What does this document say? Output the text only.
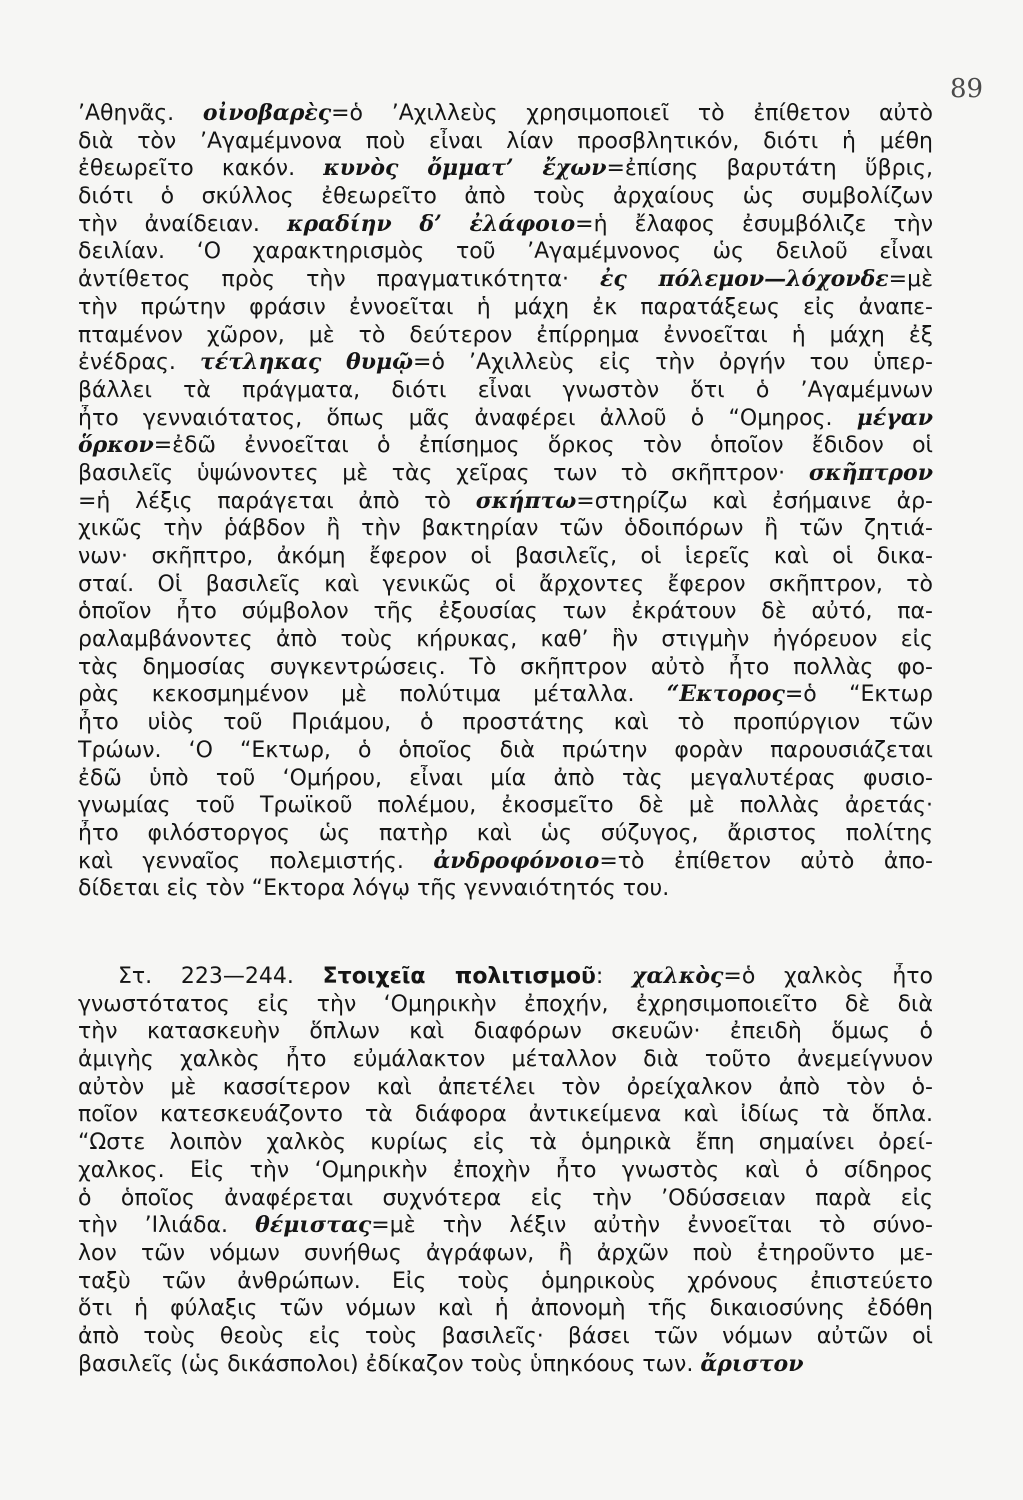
89
’Αθηνᾶς. οἰνοβαρὲς=ὁ ’Αχιλλεὺς χρησιμοποιεῖ τὸ ἐπίθετον αὐτὸ
διὰ τὸν ’Αγαμέμνονα ποὺ εἶναι λίαν προσβλητικόν, διότι ἡ μέθη
ἐθεωρεῖτο κακόν. κυνὸς ὄμματ’ ἔχων=ἐπίσης βαρυτάτη ὕβρις,
διότι ὁ σκύλλος ἐθεωρεῖτο ἀπὸ τοὺς ἀρχαίους ὡς συμβολίζων
τὴν ἀναίδειαν. κραδίην δ’ ἐλάφοιο=ἡ ἔλαφος ἐσυμβόλιζε τὴν
δειλίαν. ‘Ο χαρακτηρισμὸς τοῦ ’Αγαμέμνονος ὡς δειλοῦ εἶναι
ἀντίθετος πρὸς τὴν πραγματικότητα· ἐς πόλεμον—λόχονδε=μὲ
τὴν πρώτην φράσιν ἐννοεῖται ἡ μάχη ἐκ παρατάξεως εἰς ἀναπε-
πταμένον χῶρον, μὲ τὸ δεύτερον ἐπίρρημα ἐννοεῖται ἡ μάχη ἐξ
ἐνέδρας. τέτληκας θυμῷ=ὁ ’Αχιλλεὺς εἰς τὴν ὀργήν του ὑπερ-
βάλλει τὰ πράγματα, διότι εἶναι γνωστὸν ὅτι ὁ ’Αγαμέμνων
ἦτο γενναιότατος, ὅπως μᾶς ἀναφέρει ἀλλοῦ ὁ “Ομηρος. μέγαν
ὅρκον=ἐδῶ ἐννοεῖται ὁ ἐπίσημος ὅρκος τὸν ὁποῖον ἔδιδον οἱ
βασιλεῖς ὑψώνοντες μὲ τὰς χεῖρας των τὸ σκῆπτρον· σκῆπτρον
=ἡ λέξις παράγεται ἀπὸ τὸ σκήπτω=στηρίζω καὶ ἐσήμαινε ἀρ-
χικῶς τὴν ῥάβδον ἢ τὴν βακτηρίαν τῶν ὁδοιπόρων ἢ τῶν ζητιά-
νων· σκῆπτρο, ἀκόμη ἔφερον οἱ βασιλεῖς, οἱ ἱερεῖς καὶ οἱ δικα-
σταί. Οἱ βασιλεῖς καὶ γενικῶς οἱ ἄρχοντες ἔφερον σκῆπτρον, τὸ
ὁποῖον ἦτο σύμβολον τῆς ἐξουσίας των ἐκράτουν δὲ αὐτό, πα-
ραλαμβάνοντες ἀπὸ τοὺς κήρυκας, καθ’ ἣν στιγμὴν ἠγόρευον εἰς
τὰς δημοσίας συγκεντρώσεις. Τὸ σκῆπτρον αὐτὸ ἦτο πολλὰς φο-
ρὰς κεκοσμημένον μὲ πολύτιμα μέταλλα. “Εκτορος=ὁ “Εκτωρ
ἦτο υἱὸς τοῦ Πριάμου, ὁ προστάτης καὶ τὸ προπύργιον τῶν
Τρώων. ‘Ο “Εκτωρ, ὁ ὁποῖος διὰ πρώτην φορὰν παρουσιάζεται
ἐδῶ ὑπὸ τοῦ ‘Ομήρου, εἶναι μία ἀπὸ τὰς μεγαλυτέρας φυσιο-
γνωμίας τοῦ Τρωϊκοῦ πολέμου, ἐκοσμεῖτο δὲ μὲ πολλὰς ἀρετάς·
ἦτο φιλόστοργος ὡς πατὴρ καὶ ὡς σύζυγος, ἄριστος πολίτης
καὶ γενναῖος πολεμιστής. ἀνδροφόνοιο=τὸ ἐπίθετον αὐτὸ ἀπο-
δίδεται εἰς τὸν “Εκτορα λόγῳ τῆς γενναιότητός του.
Στ. 223—244. Στοιχεῖα πολιτισμοῦ: χαλκὸς=ὁ χαλκὸς ἦτο
γνωστότατος εἰς τὴν ‘Ομηρικὴν ἐποχήν, ἐχρησιμοποιεῖτο δὲ διὰ
τὴν κατασκευὴν ὅπλων καὶ διαφόρων σκευῶν· ἐπειδὴ ὅμως ὁ
ἀμιγὴς χαλκὸς ἦτο εὐμάλακτον μέταλλον διὰ τοῦτο ἀνεμείγνυον
αὐτὸν μὲ κασσίτερον καὶ ἀπετέλει τὸν ὀρείχαλκον ἀπὸ τὸν ὁ-
ποῖον κατεσκευάζοντο τὰ διάφορα ἀντικείμενα καὶ ἰδίως τὰ ὅπλα.
“Ωστε λοιπὸν χαλκὸς κυρίως εἰς τὰ ὁμηρικὰ ἔπη σημαίνει ὀρεί-
χαλκος. Εἰς τὴν ‘Ομηρικὴν ἐποχὴν ἦτο γνωστὸς καὶ ὁ σίδηρος
ὁ ὁποῖος ἀναφέρεται συχνότερα εἰς τὴν ’Οδύσσειαν παρὰ εἰς
τὴν ’Ιλιάδα. θέμιστας=μὲ τὴν λέξιν αὐτὴν ἐννοεῖται τὸ σύνο-
λον τῶν νόμων συνήθως ἀγράφων, ἢ ἀρχῶν ποὺ ἐτηροῦντο με-
ταξὺ τῶν ἀνθρώπων. Εἰς τοὺς ὁμηρικοὺς χρόνους ἐπιστεύετο
ὅτι ἡ φύλαξις τῶν νόμων καὶ ἡ ἀπονομὴ τῆς δικαιοσύνης ἐδόθη
ἀπὸ τοὺς θεοὺς εἰς τοὺς βασιλεῖς· βάσει τῶν νόμων αὐτῶν οἱ
βασιλεῖς (ὡς δικάσπολοι) ἐδίκαζον τοὺς ὑπηκόους των. ἄριστον
